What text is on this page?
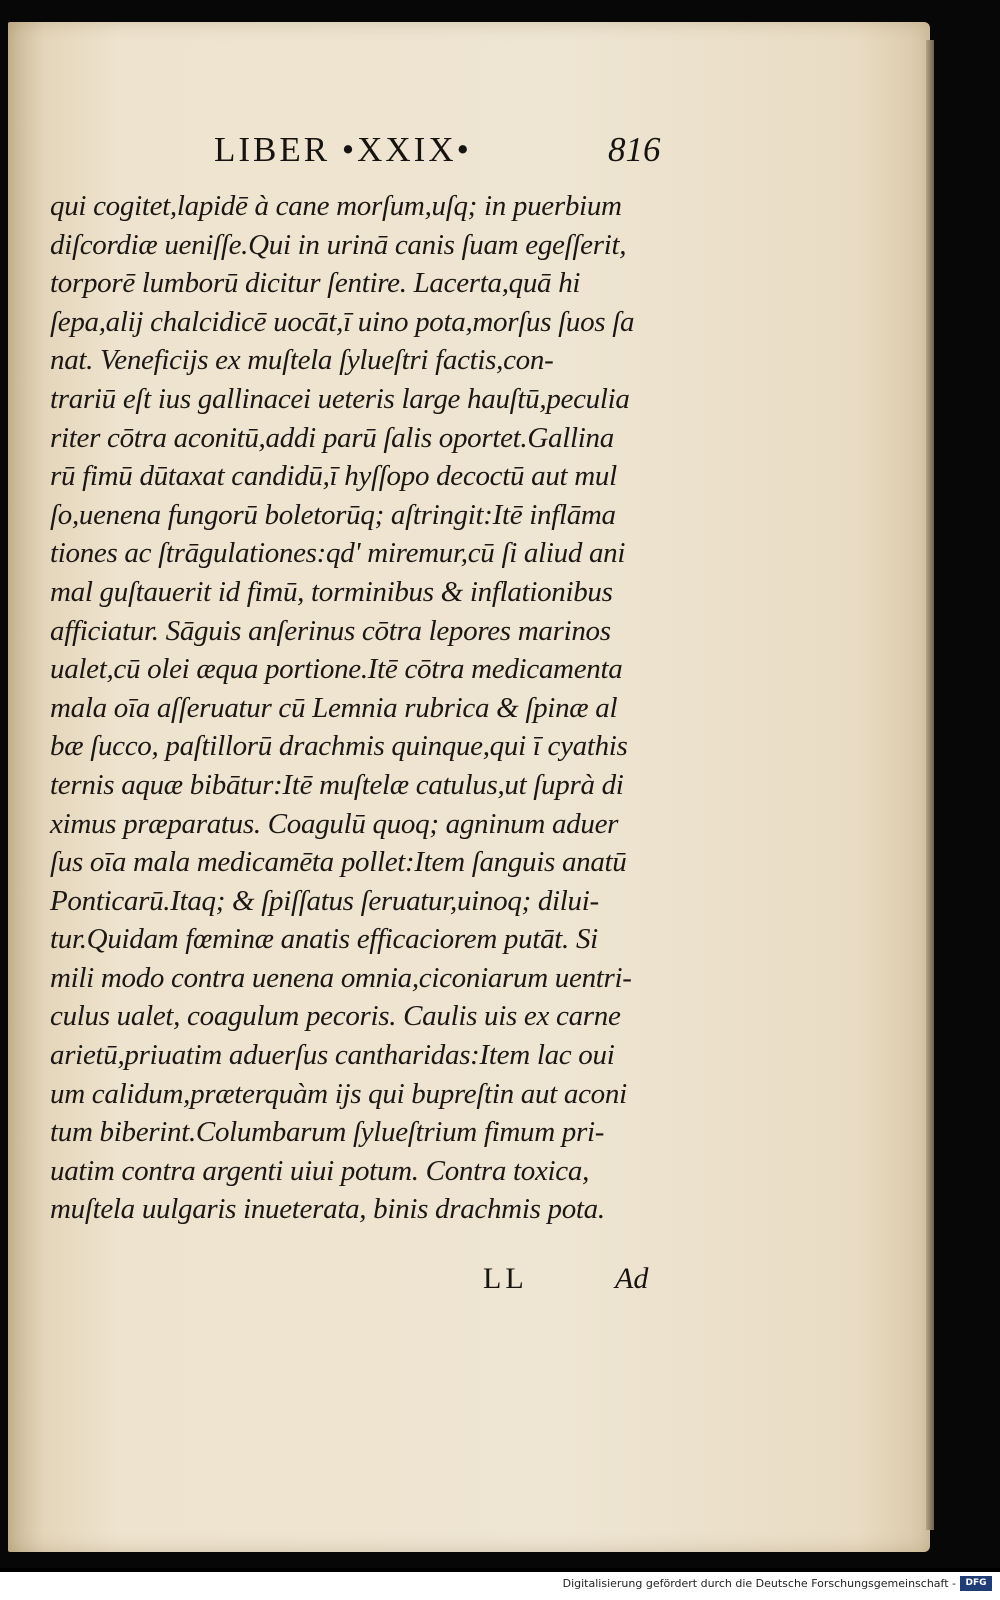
LIBER •XXIX•	816
qui cogitet,lapidē à cane morſum,uſq; in puerbium
diſcordiæ ueniſſe.Qui in urinā canis ſuam egeſſerit,
torporē lumborū dicitur ſentire. Lacerta,quā hi
ſepa,alij chalcidicē uocāt,ī uino pota,morſus ſuos ſa
nat. Veneficijs ex muſtela ſylueſtri factis,con-
trariū eſt ius gallinacei ueteris large hauſtū,peculia
riter cōtra aconitū,addi parū ſalis oportet.Gallina
rū fimū dūtaxat candidū,ī hyſſopo decoctū aut mul
ſo,uenena fungorū boletorūq; aſtringit:Itē inflāma
tiones ac ſtrāgulationes:qd' miremur,cū ſi aliud ani
mal guſtauerit id fimū, torminibus & inflationibus
afficiatur. Sāguis anſerinus cōtra lepores marinos
ualet,cū olei æqua portione.Itē cōtra medicamenta
mala oīa aſſeruatur cū Lemnia rubrica & ſpinæ al
bæ ſucco, paſtillorū drachmis quinque,qui ī cyathis
ternis aquæ bibātur:Itē muſtelæ catulus,ut ſuprà di
ximus præparatus. Coagulū quoq; agninum aduer
ſus oīa mala medicamēta pollet:Item ſanguis anatū
Ponticarū.Itaq; & ſpiſſatus ſeruatur,uinoq; dilui-
tur.Quidam fœminæ anatis efficaciorem putāt. Si
mili modo contra uenena omnia,ciconiarum uentri-
culus ualet, coagulum pecoris. Caulis uis ex carne
arietū,priuatim aduerſus cantharidas:Item lac oui
um calidum,præterquàm ijs qui bupreſtin aut aconi
tum biberint.Columbarum ſylueſtrium fimum pri-
uatim contra argenti uiui potum. Contra toxica,
muſtela uulgaris inueterata, binis drachmis pota.
LL	Ad
Digitalisierung gefördert durch die Deutsche Forschungsgemeinschaft -	DFG
